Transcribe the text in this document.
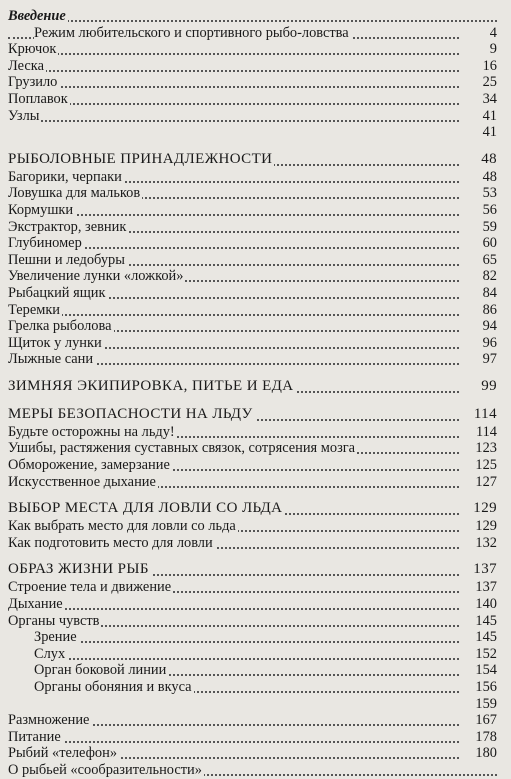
Введение
Режим любительского и спортивного рыбо-ловства	4
Крючок	9
Леска	16
Грузило	25
Поплавок	34
Узлы	41
41
РЫБОЛОВНЫЕ ПРИНАДЛЕЖНОСТИ	48
Багорики, черпаки	48
Ловушка для мальков	53
Кормушки	56
Экстрактор, зевник	59
Глубиномер	60
Пешни и ледобуры	65
Увеличение лунки «ложкой»	82
Рыбацкий ящик	84
Теремки	86
Грелка рыболова	94
Щиток у лунки	96
Лыжные сани	97
ЗИМНЯЯ ЭКИПИРОВКА, ПИТЬЕ И ЕДА	99
МЕРЫ БЕЗОПАСНОСТИ НА ЛЬДУ	114
Будьте осторожны на льду!	114
Ушибы, растяжения суставных связок, сотрясения мозга	123
Обморожение, замерзание	125
Искусственное дыхание	127
ВЫБОР МЕСТА ДЛЯ ЛОВЛИ СО ЛЬДА	129
Как выбрать место для ловли со льда	129
Как подготовить место для ловли	132
ОБРАЗ ЖИЗНИ РЫБ	137
Строение тела и движение	137
Дыхание	140
Органы чувств	145
Зрение	145
Слух	152
Орган боковой линии	154
Органы обоняния и вкуса	156
159
Размножение	167
Питание	178
Рыбий «телефон»	180
О рыбьей «сообразительности»
